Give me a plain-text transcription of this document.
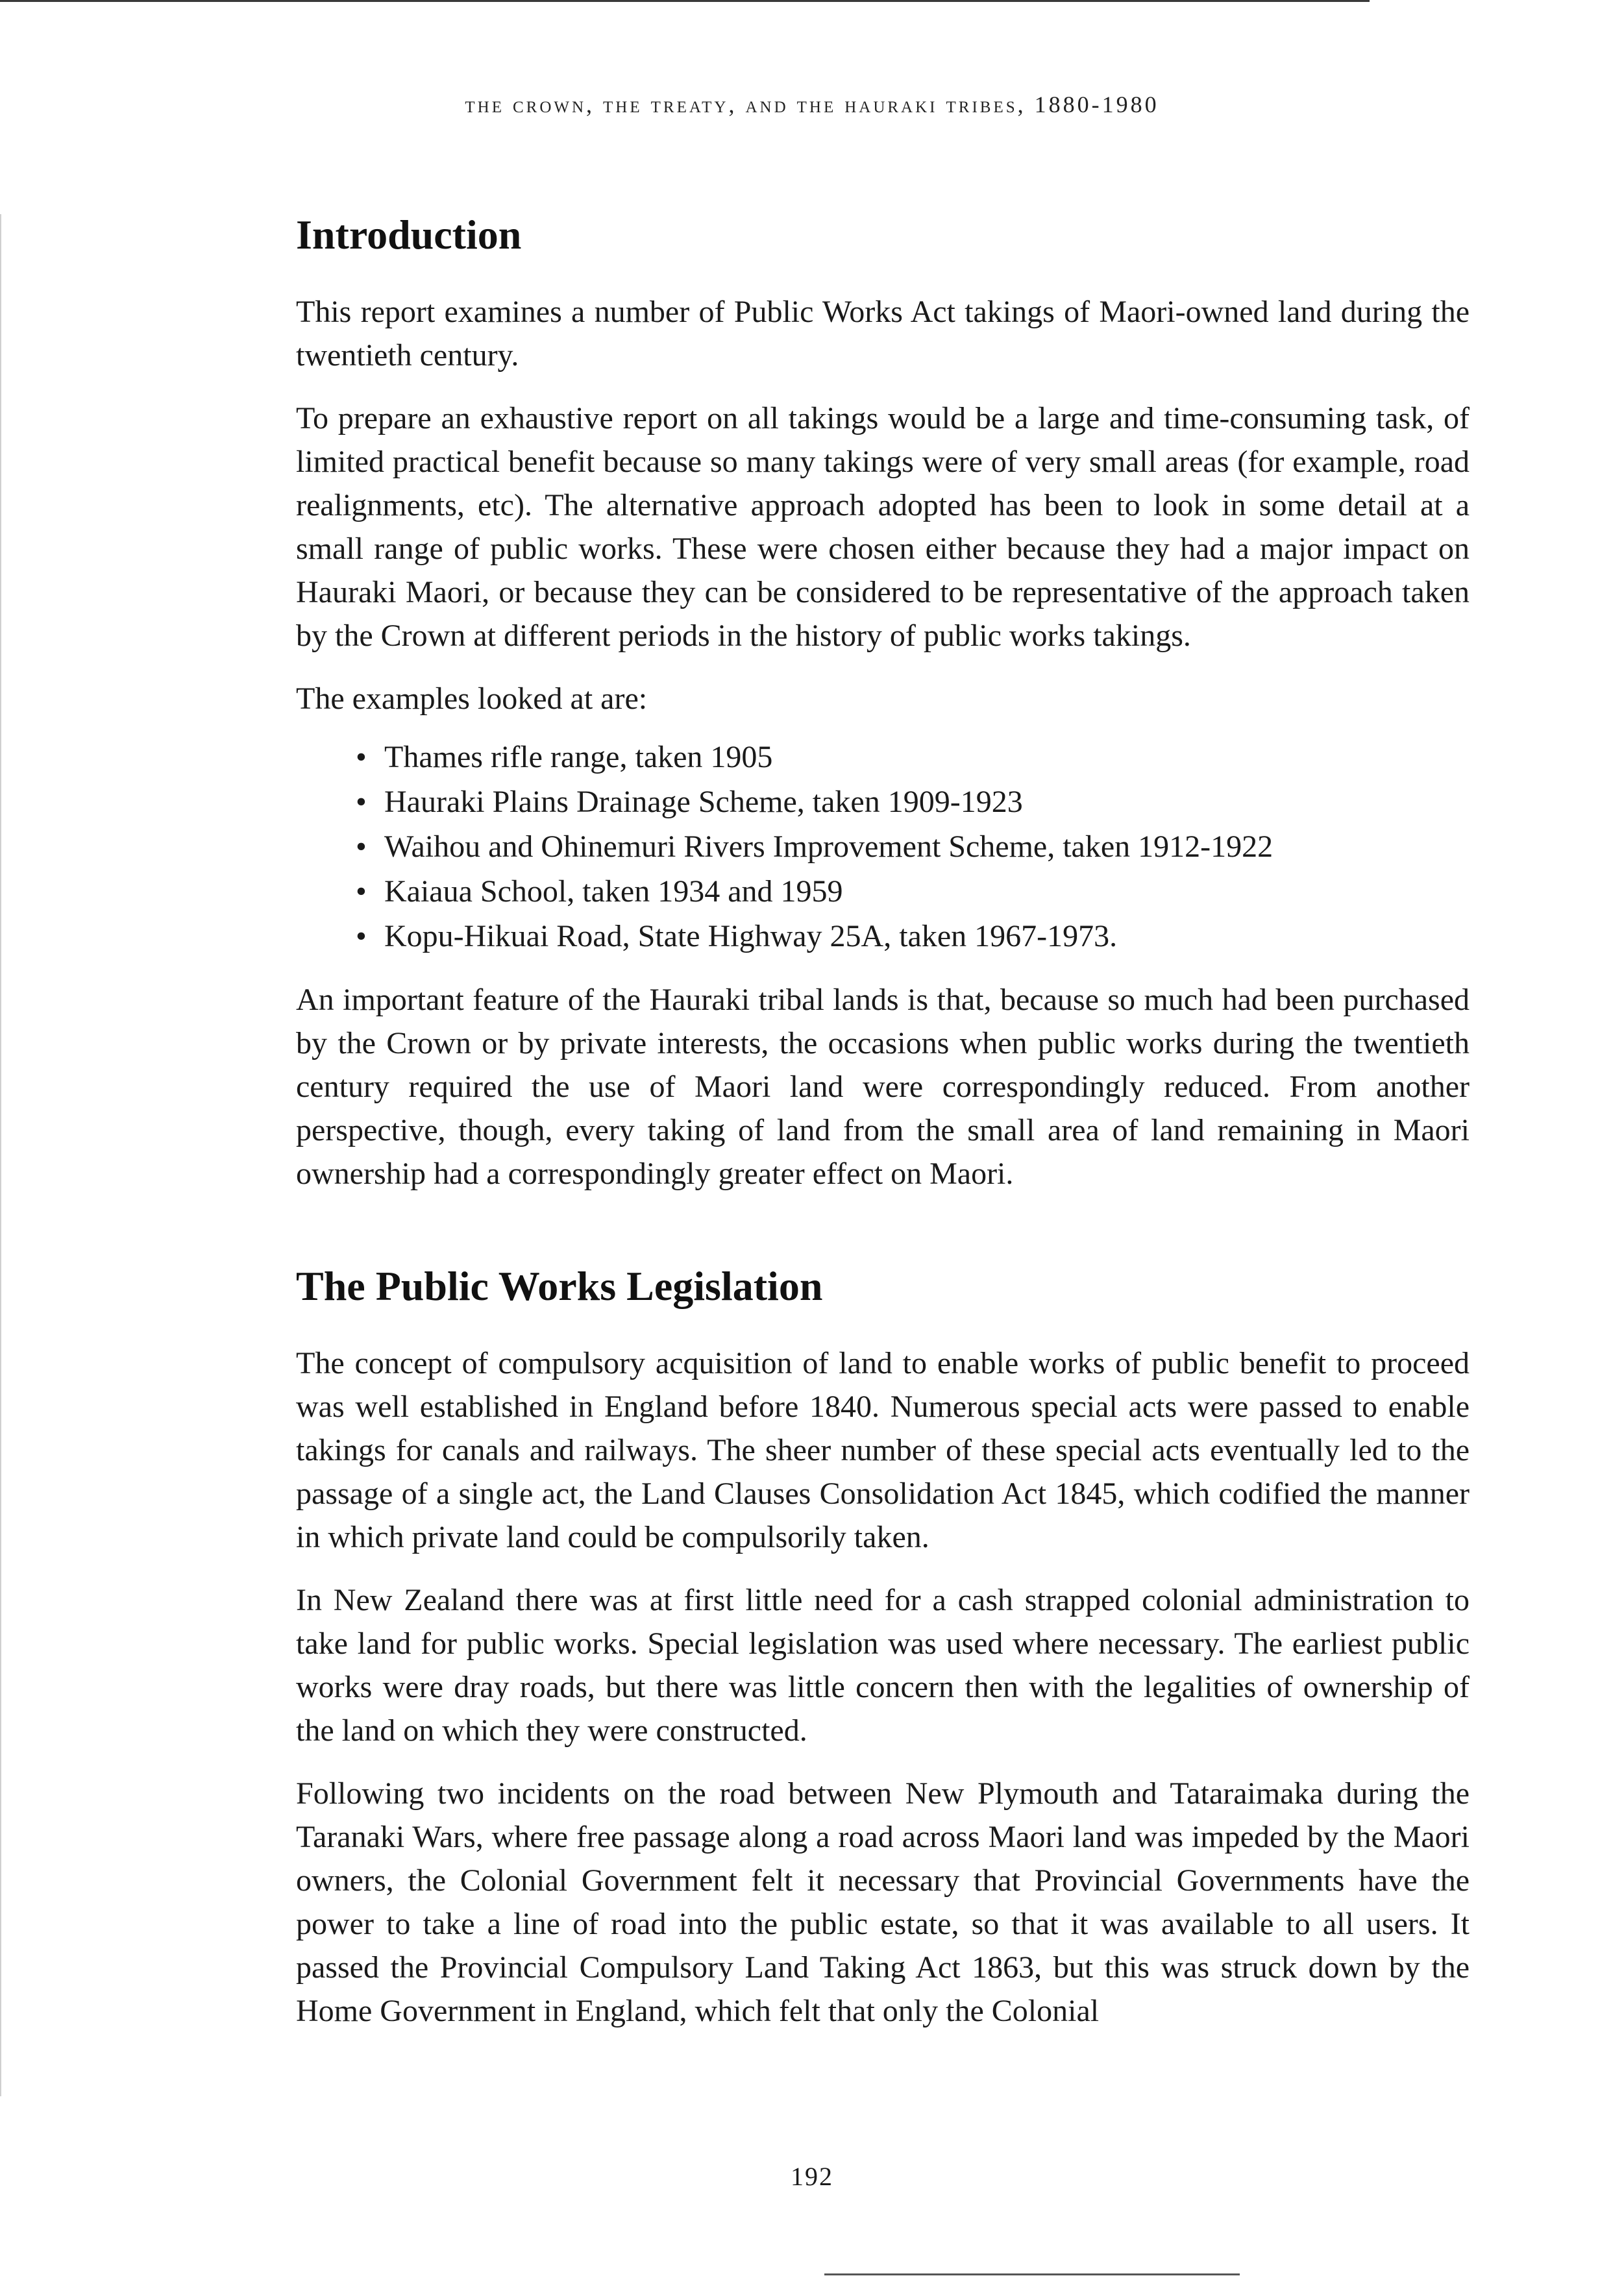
the crown, the treaty, and the hauraki tribes, 1880-1980
Introduction

This report examines a number of Public Works Act takings of Maori-owned land during the twentieth century.

To prepare an exhaustive report on all takings would be a large and time-consuming task, of limited practical benefit because so many takings were of very small areas (for example, road realignments, etc). The alternative approach adopted has been to look in some detail at a small range of public works. These were chosen either because they had a major impact on Hauraki Maori, or because they can be considered to be representative of the approach taken by the Crown at different periods in the history of public works takings.

The examples looked at are:

• Thames rifle range, taken 1905
• Hauraki Plains Drainage Scheme, taken 1909-1923
• Waihou and Ohinemuri Rivers Improvement Scheme, taken 1912-1922
• Kaiaua School, taken 1934 and 1959
• Kopu-Hikuai Road, State Highway 25A, taken 1967-1973.

An important feature of the Hauraki tribal lands is that, because so much had been purchased by the Crown or by private interests, the occasions when public works during the twentieth century required the use of Maori land were correspondingly reduced. From another perspective, though, every taking of land from the small area of land remaining in Maori ownership had a correspondingly greater effect on Maori.

The Public Works Legislation

The concept of compulsory acquisition of land to enable works of public benefit to proceed was well established in England before 1840. Numerous special acts were passed to enable takings for canals and railways. The sheer number of these special acts eventually led to the passage of a single act, the Land Clauses Consolidation Act 1845, which codified the manner in which private land could be compulsorily taken.

In New Zealand there was at first little need for a cash strapped colonial administration to take land for public works. Special legislation was used where necessary. The earliest public works were dray roads, but there was little concern then with the legalities of ownership of the land on which they were constructed.

Following two incidents on the road between New Plymouth and Tataraimaka during the Taranaki Wars, where free passage along a road across Maori land was impeded by the Maori owners, the Colonial Government felt it necessary that Provincial Governments have the power to take a line of road into the public estate, so that it was available to all users. It passed the Provincial Compulsory Land Taking Act 1863, but this was struck down by the Home Government in England, which felt that only the Colonial

192
